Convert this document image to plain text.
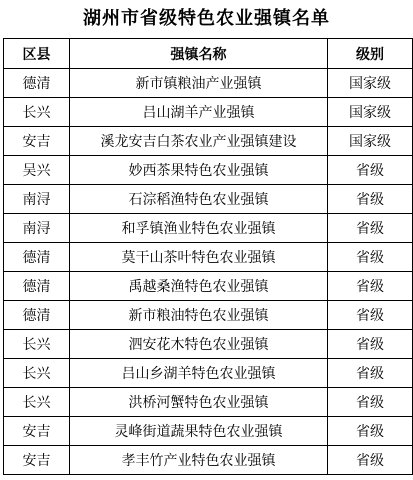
湖州市省级特色农业强镇名单
区县	强镇名称	级别
德清	新市镇粮油产业强镇	国家级
长兴	吕山湖羊产业强镇	国家级
安吉	溪龙安吉白茶农业产业强镇建设	国家级
吴兴	妙西茶果特色农业强镇	省级
南浔	石淙稻渔特色农业强镇	省级
南浔	和孚镇渔业特色农业强镇	省级
德清	莫干山茶叶特色农业强镇	省级
德清	禹越桑渔特色农业强镇	省级
德清	新市粮油特色农业强镇	省级
长兴	泗安花木特色农业强镇	省级
长兴	吕山乡湖羊特色农业强镇	省级
长兴	洪桥河蟹特色农业强镇	省级
安吉	灵峰街道蔬果特色农业强镇	省级
安吉	孝丰竹产业特色农业强镇	省级
